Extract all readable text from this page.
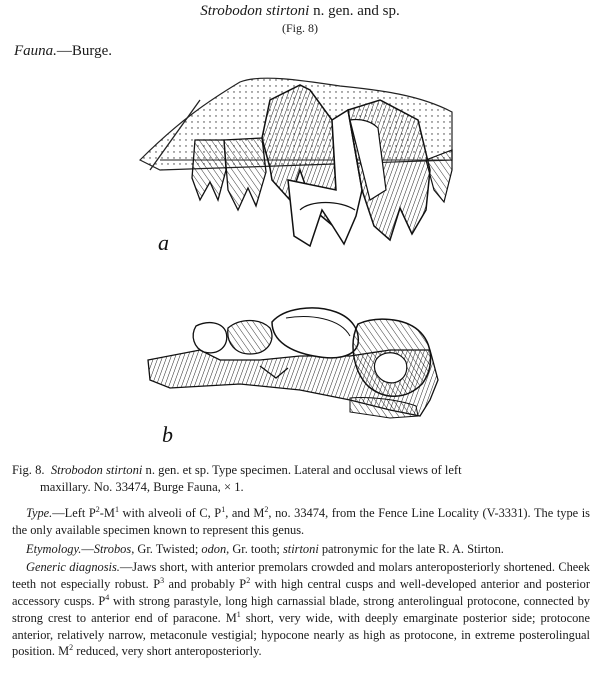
Strobodon stirtoni n. gen. and sp.
(Fig. 8)
Fauna.—Burge.
a
b
Fig. 8. Strobodon stirtoni n. gen. et sp. Type specimen. Lateral and occlusal views of left
maxillary. No. 33474, Burge Fauna, × 1.

Type.—Left $P^2-M^1$ with alveoli of C, $P^1$, and $M^2$, no. 33474, from the Fence Line Locality (V-3331). The type is the only available specimen known to represent this genus.

Etymology.—Strobos, Gr. Twisted; odon, Gr. tooth; stirtoni patronymic for the late R. A. Stirton.

Generic diagnosis.—Jaws short, with anterior premolars crowded and molars anteroposteriorly shortened. Cheek teeth not especially robust. $P^3$ and probably $P^2$ with high central cusps and well-developed anterior and posterior accessory cusps. $P^4$ with strong parastyle, long high carnassial blade, strong anterolingual protocone, connected by strong crest to anterior end of paracone. $M^1$ short, very wide, with deeply emarginate posterior side; protocone anterior, relatively narrow, metaconule vestigial; hypocone nearly as high as protocone, in extreme posterolingual position. $M^2$ reduced, very short anteroposteriorly.
